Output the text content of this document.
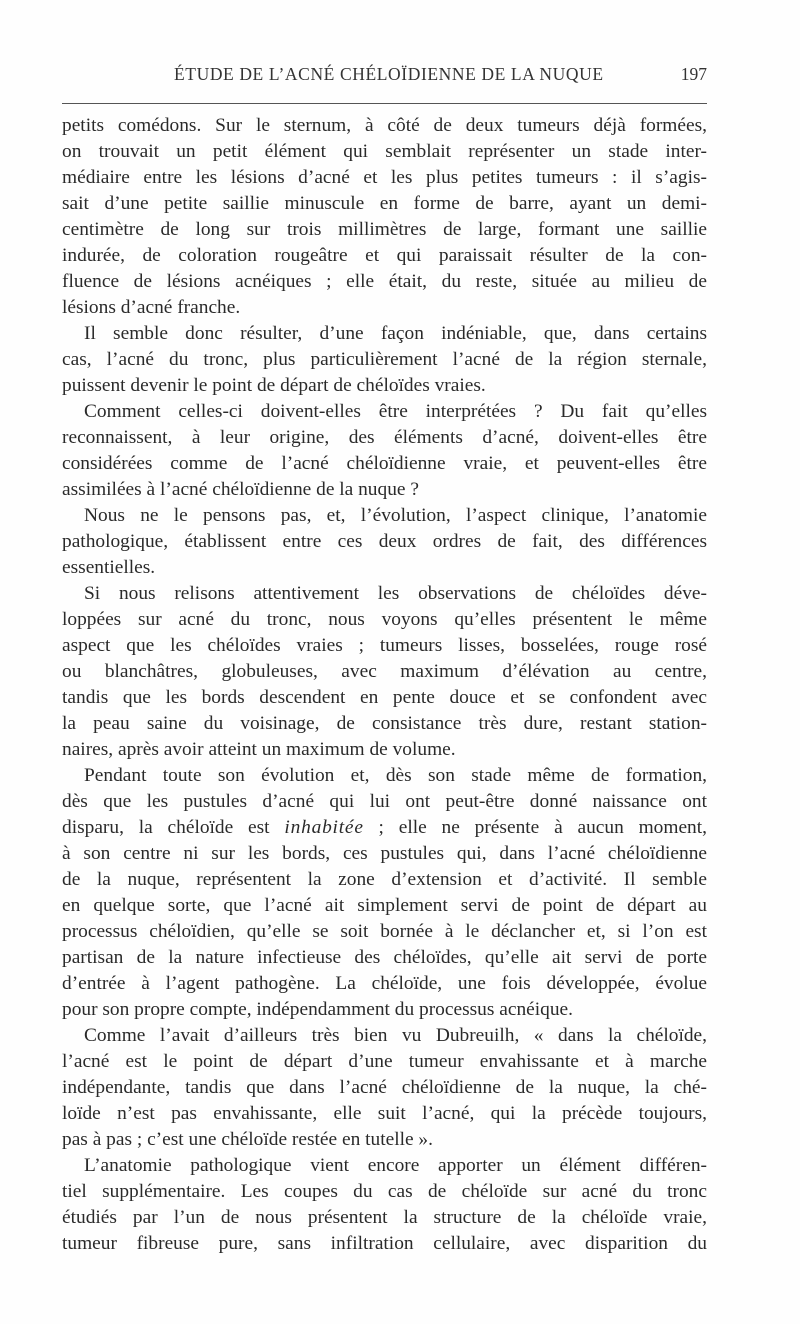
ÉTUDE DE L’ACNÉ CHÉLOÏDIENNE DE LA NUQUE	197
petits comédons. Sur le sternum, à côté de deux tumeurs déjà formées,
on trouvait un petit élément qui semblait représenter un stade inter-
médiaire entre les lésions d’acné et les plus petites tumeurs : il s’agis-
sait d’une petite saillie minuscule en forme de barre, ayant un demi-
centimètre de long sur trois millimètres de large, formant une saillie
indurée, de coloration rougeâtre et qui paraissait résulter de la con-
fluence de lésions acnéiques ; elle était, du reste, située au milieu de
lésions d’acné franche.
Il semble donc résulter, d’une façon indéniable, que, dans certains
cas, l’acné du tronc, plus particulièrement l’acné de la région sternale,
puissent devenir le point de départ de chéloïdes vraies.
Comment celles-ci doivent-elles être interprétées ? Du fait qu’elles
reconnaissent, à leur origine, des éléments d’acné, doivent-elles être
considérées comme de l’acné chéloïdienne vraie, et peuvent-elles être
assimilées à l’acné chéloïdienne de la nuque ?
Nous ne le pensons pas, et, l’évolution, l’aspect clinique, l’anatomie
pathologique, établissent entre ces deux ordres de fait, des différences
essentielles.
Si nous relisons attentivement les observations de chéloïdes déve-
loppées sur acné du tronc, nous voyons qu’elles présentent le même
aspect que les chéloïdes vraies ; tumeurs lisses, bosselées, rouge rosé
ou blanchâtres, globuleuses, avec maximum d’élévation au centre,
tandis que les bords descendent en pente douce et se confondent avec
la peau saine du voisinage, de consistance très dure, restant station-
naires, après avoir atteint un maximum de volume.
Pendant toute son évolution et, dès son stade même de formation,
dès que les pustules d’acné qui lui ont peut-être donné naissance ont
disparu, la chéloïde est inhabitée ; elle ne présente à aucun moment,
à son centre ni sur les bords, ces pustules qui, dans l’acné chéloïdienne
de la nuque, représentent la zone d’extension et d’activité. Il semble
en quelque sorte, que l’acné ait simplement servi de point de départ au
processus chéloïdien, qu’elle se soit bornée à le déclancher et, si l’on est
partisan de la nature infectieuse des chéloïdes, qu’elle ait servi de porte
d’entrée à l’agent pathogène. La chéloïde, une fois développée, évolue
pour son propre compte, indépendamment du processus acnéique.
Comme l’avait d’ailleurs très bien vu Dubreuilh, « dans la chéloïde,
l’acné est le point de départ d’une tumeur envahissante et à marche
indépendante, tandis que dans l’acné chéloïdienne de la nuque, la ché-
loïde n’est pas envahissante, elle suit l’acné, qui la précède toujours,
pas à pas ; c’est une chéloïde restée en tutelle ».
L’anatomie pathologique vient encore apporter un élément différen-
tiel supplémentaire. Les coupes du cas de chéloïde sur acné du tronc
étudiés par l’un de nous présentent la structure de la chéloïde vraie,
tumeur fibreuse pure, sans infiltration cellulaire, avec disparition du
